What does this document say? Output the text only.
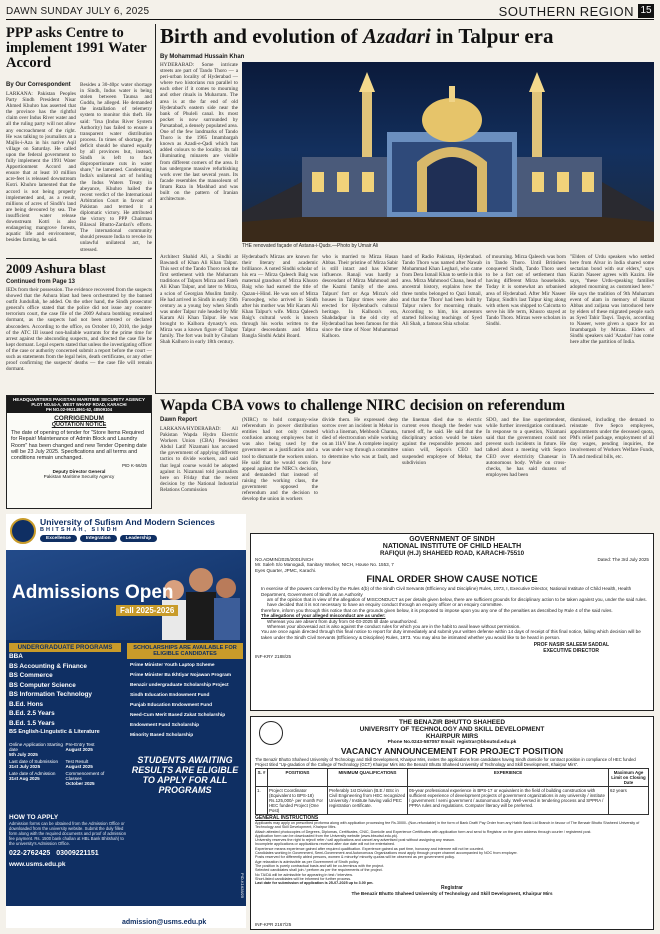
DAWN SUNDAY JULY 6, 2025	SOUTHERN REGION 15
PPP asks Centre to implement 1991 Water Accord
By Our Correspondent
LARKANA: Pakistan Peoples Party Sindh President Nisar Ahmed Khuhro has asserted that the province has the rightful claim over Indus River water and all the ruling party will not allow any encroachment of the right. He was talking to journalists at a Majlis-i-Aza in his native Aqil village on Saturday. He called upon the federal government to fully implement the 1991 Water Apportionment Accord and ensure that at least 10 million acre-feet is released downstream Kotri. Khuhro lamented that the accord is not being properly implemented and, as a result, millions of acres of Sindh's land are being devoured by sea. The insufficient water release downstream Kotri is also endangering mangrove forests, aquatic life and environment, besides farming, he said.
Besides a 30-40pc water shortage in Sindh, Indus water is being stolen between Taunsa and Guddu, he alleged. He demanded the installation of telemetry system to monitor this theft. He said: "Irsa (Indus River System Authority) has failed to ensure a transparent water distribution process. In times of shortage, the deficit should be shared equally by all provinces but, instead, Sindh is left to face disproportionate cuts in water share," he lamented. Condemning India's unilateral act of holding the Indus Waters Treaty in abeyance, Khuhro hailed the recent verdict of the International Arbitration Court in favour of Pakistan and termed it a diplomatic victory. He attributed the victory to PPP Chairman Bilawal Bhutto-Zardari's efforts. The international community should pressure India to revoke its unlawful unilateral act, he stressed.
2009 Ashura blast
Continued from Page 13
IEDs from their possession. The evidence recovered from the suspects showed that the Ashura blast had been orchestrated by the banned outfit Jundullah, he added. On the other hand, the Sindh prosecutor general's office stated that the police did not issue any counter-terrorism court, the case file of the 2009 Ashura bombing remained dormant, as the suspects had not been arrested or declared absconders. According to the office, on October 10, 2010, the judge of the ATC III issued non-bailable warrants for the prime time for arrest against the absconding suspects, and directed the case file be kept dormant. Legal experts stated that unless the investigating officer of the case or authority concerned submit a report before the court — such as statements from the legal heirs, death certificates, or any other proof confirming the suspects' deaths — the case file will remain dormant.
HEADQUARTERS PAKISTAN MARITIME SECURITY AGENCY
PLOT NO.54-A, WEST WHARF ROAD, KARACHI
PH NO.02-99214961-62, 48509104
CORRIGENDUM
QUOTATION NOTICE
The date of opening of tender for "Store Items Required for Repair/ Maintenance of Admin Block and Laundry Room" has been changed and new Tender Opening date will be 23 July 2025. Specifications and all terms and conditions remain unchanged.
PID K-56/25
Deputy Director General
Pakistan Maritime Security Agency
Birth and evolution of Azadari in Talpur era
By Mohammad Hussain Khan
HYDERABAD: Some intricate streets are part of Tando Thoro — a peri-urban locality of Hyderabad — where two historians run parallel to each other if it comes to mourning and other rituals in Muharram. The area is at the far end of old Hyderabad's eastern side near the bank of Phuleli canal. Its most pocket is now surrounded by Parsatabad, a densely populated area. One of the few landmarks of Tando Thoro is the 1965 Imambargah known as Azadi-e-Qadi which has added colours to the locality. Its tall illuminating minarets are visible from different corners of the area. It has undergone massive refurbishing work over the last several years. Its facade resembles the mausoleum of Imam Raza in Mashhad and was built on the pattern of Iranian architecture.
Architect Shahid Ali, a Sindhi at Bawandi of Khan Ali Khan Talpur. This sect of the Tando Thoro took the first settlement with the Moharram traditions of Talpurs Mirza and Fateh Ali Khan Talpur, and later to Mirza, a scion of Georgian Muslim family. He had arrived in Sindh in early 19th century as a young boy when Sindh was under Talpur rule headed by Mir Karam Ali Khan Talpur. He was brought to Kalhora dynasty's era. Mirza was a known figure of Talpur family. The fort was built by Ghulam Shah Kalhoro in early 18th century.
Hyderabad's Mirzas are known for their literary and academic brilliance. A noted Sindhi scholar of his era — Mirza Qaleech Baig was maternal grandson of Mirza Khusro Baig who had earned the title of Qazan-i-Hind. He was son of Mirza Farooqbeg, who arrived in Sindh after his mother was Mir Karam Ali Khan Talpur's wife. Mirza Qaleech Baig's cultural work is known through his works written to the Talpur descendants and Mirza Bangla Sindhi Adabi Board.
who is married to Mirza Hasan Abbas. Their pristine of Mirza Sabir is still intact and has Khmer influence. Ranaji was hardly a descendant of Mirza Mahmoud and the Kazmi family of the area. Talpurs' fort or Aqa Mirza's old houses in Talpur times were also erected for Hyderabad's cultural heritage. In Kalhora's era, Shahdadpur in the old city of Hyderabad has been famous for this since the time of Noor Muhammad Kalhoro.
hand of Radio Pakistan, Hyderabad. Tando Thoro was named after Nawab Mohammad Khan Leghari, who came from Dera Ismail Khan to settle in this area. Mirza Mahmood Chana, head of ancestral history, explains how the three tombs belonged to Qazi Ismail, and that the 'Thoro' had been built by Talpur rulers for mourning rituals. According to him, his ancestors started following teachings of Syed Ali Shah, a famous Shia scholar.
of mourning. Mirza Qaleech was born in Tando Thoro. Until Britishers conquered Sindh, Tando Thoro used to be a fort out of settlement than having different Mirza households. Today it is somewhat an urbanised area of Hyderabad. After Mir Naseer Talpur, Sindh's last Talpur king along with others was shipped to Calcutta to serve his life term, Khusro stayed at Tando Thoro. Mirzas were scholars in Sindhi.
"Elders of Urdu speakers who settled here from Alvar in India shared some sectarian bond with our elders," says Kazim Naseer agrees with Kazim. He says, "these Urdu-speaking families adopted mourning as customised here." He says the tradition of 9th Muharram event of alam in memory of Hazrat Abbas and zuljana was introduced here by elders of these migrated people such as Syed Tahir Taqvi. Taqvis, according to Naseer, were given a space for an Imambargah by Mirzas. Elders of Sindhi speakers said 'Azadari' has come here after the partition of India.
THE renovated façade of Astana-i-Quds.—Photo by Umair Ali
Wapda CBA vows to challenge NIRC decision on referendum
Dawn Report
LARKANA/HYDERABAD: All Pakistan Wapda Hydro Electric Workers Union (CBA) President Abdul Latif Nizamani has accused the government of applying different tactics to divide workers, and said that legal course would be adopted against it. Nizamani told journalists here on Friday that the recent decision by the National Industrial Relations Commission
(NIRC) to hold company-wise referendum in power distribution entities had not only created confusion among employees but it was also being used by the government as a justification and a tool to dismantle the workers union. He said that he would soon file appeal against the NIRC's decision, and demanded that instead of raising the working class, the government opposed the referendum and the decision to develop the union in workers
divide them. He expressed deep sorrow over an incident in Mehar in which a lineman, Mehboob Channa, died of electrocution while working on an 11kV line. A complete inquiry was under way through a committee to determine who was at fault, and how
the lineman died due to electric current even though the feeder was turned off, he said. He said that the disciplinary action would be taken against the responsible persons and union will, Sepco's CEO had suspended employee of Mehar, the subdivision
SDO, and the line superintendent, while further investigation continued. In response to a question, Nizamani said that the government could not prevent such incidents in future. He talked about a meeting with Sepco CEO over electricity Chanesar in autonomous body. While on cross-checks, he has said dozens of employees had been
dismissed, including the demand to reinstate five Sepco employees, appointments under the deceased quota, PM's relief package, employment of all day wages, pending inquiries, the involvement of Workers Welfare Funds, TA and medical bills, etc.
University of Sufism And Modern Sciences
BHITSHAH, SINDH
Excellence	Integration	Leadership
Admissions Open
Fall 2025-2026
UNDERGRADUATE PROGRAMS
BBA
BS Accounting & Finance
BS Commerce
BS Computer Science
BS Information Technology
B.Ed. Hons
B.Ed. 2.5 Years
B.Ed. 1.5 Years
BS English-Linguistic & Literature
Online Application Starting date
5th July 2025
Pre-Entry Test
August 2025
Last date of Submission
31st July 2025
Test Result
August 2025
Late date of Admission
31st Aug 2025
Commencement of Classes
October 2025
SCHOLARSHIPS ARE AVAILABLE FOR ELIGIBLE CANDIDATES
Prime Minister Youth Laptop Scheme
Prime Minister Ba Ikhtiyar Nojawan Program
Benazir undergraduate Scholarship Project
Sindh Education Endowment Fund
Punjab Education Endowment Fund
Need-Cum Merit Based Zakat Scholarship
Endowment Fund Scholarship
Minority Based Scholarship
STUDENTS AWAITING RESULTS ARE ELIGIBLE TO APPLY FOR ALL PROGRAMS
HOW TO APPLY
Admission forms can be obtained from the Admission Office or downloaded from the university website. Submit the duly filled form along with the required documents and proof of admission fee payment. Rs. 1500 bank challan at HBL Bank Bhitshah) to the university's Admission Office.
022-2762425 03009221151
www.usms.edu.pk
admission@usms.edu.pk
PID-K1628/25
GOVERNMENT OF SINDH
NATIONAL INSTITUTE OF CHILD HEALTH
RAFIQUI (H.J) SHAHEED ROAD, KARACHI-75510
NO.ADMIN/2025/2001/NICH	Dated: The 3rd July 2025
Mr. Saleh S/o Manogadi, Sanitary Worker, NICH, House No. 1553, 7 Eyes Quarter, JPMC, Karachi.
FINAL ORDER SHOW CAUSE NOTICE
In exercise of the powers conferred by the Rules 4(b) of the Sindh Civil Servants (Efficiency and Discipline) Rules, 1973, I, Executive Director, National Institute of Child Health, Health Department, Government of Sindh as an Authority
am of the opinion that in view of the allegation of MISCONDUCT as per details given below, there are sufficient grounds for disciplinary action to be taken against you, under the said rules.
have decided that it is not necessary to have an enquiry conduct through an enquiry officer or an enquiry committee.
therefore, inform you through this notice that on the grounds given below, it is proposed to impose upon you any one of the penalties as described by Rule 4 of the said rules.
The allegations of your alleged misconduct are as under:
Whereas you are absent from duty from 04-03-2025 till date unauthorized.
Whereas your abovesaid act is also against the conduct rules for which you are in the habit to avail leave without permission.
You are once again directed through this final notice to report for duty immediately and submit your written defense within 14 days of receipt of this final notice, failing which decision will be taken under the Sindh Civil Servants (Efficiency & Discipline) Rules, 1973. You may also be intimated whether you would like to be heard in person.
PROF NASIR SALEEM SADDAL
EXECUTIVE DIRECTOR
INF-KRY 2188/25
THE BENAZIR BHUTTO SHAHEED
UNIVERSITY OF TECHNOLOGY AND SKILL DEVELOPMENT
KHAIRPUR MIRS
Phone No.0243-587057 Email: registrar@bbsutsd.edu.pk
VACANCY ANNOUNCEMENT FOR PROJECT POSITION
The Benazir Bhutto Shaheed University of Technology and Skill Development, Khairpur Mirs, invites the applications from candidates having Sindh domicile for contract position in compliance of HEC funded Project titled "Up-gradation of the College of Technology (GCT) Khairpur Mirs into the Benazir Bhutto Shaheed University of Technology and Skill Development, Khairpur Mirs".
S. #	POSITIONS	MINIMUM QUALIFICATIONS	EXPERIENCE	Maximum Age Limit on Closing Date
1.	Project Coordinator (Equivalent to BPS-18) Rs.125,000/- per month For HEC funded Project (One Post)	Preferably 1st Division (B.E / BSc in Civil Engineering from HEC recognized University / Institute having valid PEC registration certificate.	05-year professional experience in BPS-17 or equivalent in the field of building construction with sufficient experience of development projects of government organizations in any university / institute / government / semi government / autonomous body. Well-versed in tendering process and SPPRA / PPRA rules and regulations. Computer literacy will be preferred.	62 years
GENERAL INSTRUCTIONS
Applicants may apply on prescribed proforma along with application processing fee Rs.3000/- (Non-refundable) in the form of Bank Draft/ Pay Order from any Habib Bank Ltd Branch in favour of The Benazir Bhutto Shaheed University of Technology and Skill Development, Khairpur Mirs.
Attach attested photocopies of Degrees, Diplomas, Certificates, CNIC, Domicile and Experience Certificates with application form and send to Registrar on the given address through courier / registered post.
Application form can be downloaded from the University website (www.bbsutsd.edu.pk).
University reserves the right to reject/ refer / call applications and cancel any advertised post without assigning any reason.
Incomplete applications or applications received after due date will not be entertained.
Experience means experience gained after required qualification. Experience gained as part time, honorary and internee will not be counted.
Candidates working in Government, Semi-Government and Autonomous Organizations must apply through proper channel accompanied by NOC from employer.
Posts reserved for differently abled persons, women & minority/ minority quotas will be observed as per government policy.
Age relaxation is admissible as per Government of Sindh policy.
The position is purely contractual basis and will be co-terminus with the project.
Selected candidates shall join / perform as per the requirements of the project.
No TA/DA will be admissible for appearing in test / interview.
Short-listed candidates will be informed for further process.
Last date for submission of application is 25-07-2025 up to 3.00 pm.
Registrar
The Benazir Bhutto Shaheed University of Technology and Skill Development, Khairpur Mirs
INF-KPR 2167/25
